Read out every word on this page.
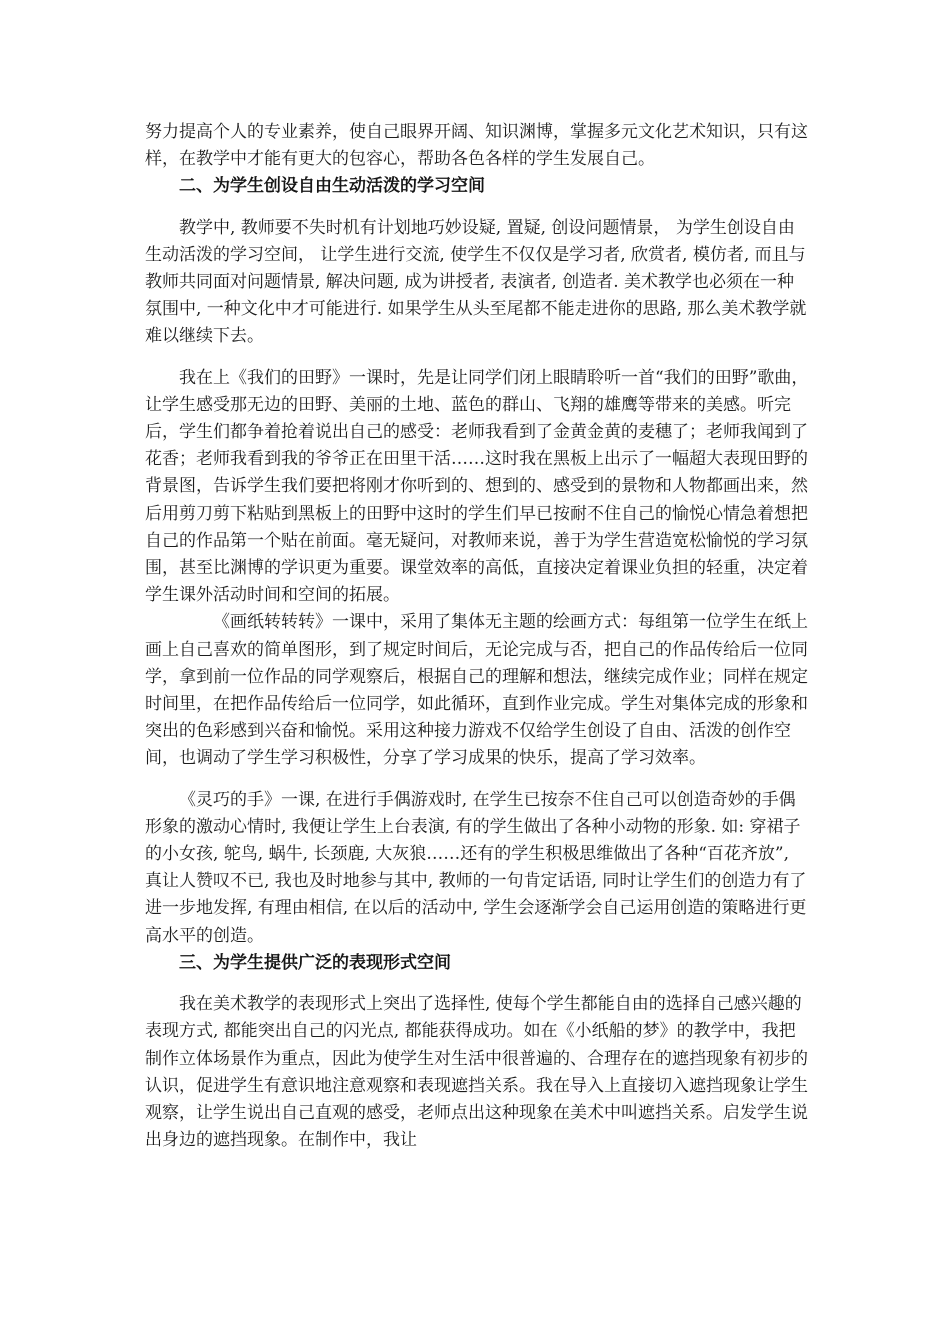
努力提高个人的专业素养，使自己眼界开阔、知识渊博，掌握多元文化艺术知识，只有这样，在教学中才能有更大的包容心，帮助各色各样的学生发展自己。

二、为学生创设自由生动活泼的学习空间

教学中, 教师要不失时机有计划地巧妙设疑, 置疑, 创设问题情景， 为学生创设自由生动活泼的学习空间， 让学生进行交流, 使学生不仅仅是学习者, 欣赏者, 模仿者, 而且与教师共同面对问题情景, 解决问题, 成为讲授者, 表演者, 创造者. 美术教学也必须在一种氛围中, 一种文化中才可能进行. 如果学生从头至尾都不能走进你的思路, 那么美术教学就难以继续下去。

我在上《我们的田野》一课时，先是让同学们闭上眼睛聆听一首“我们的田野”歌曲，让学生感受那无边的田野、美丽的土地、蓝色的群山、飞翔的雄鹰等带来的美感。听完后，学生们都争着抢着说出自己的感受：老师我看到了金黄金黄的麦穗了；老师我闻到了花香；老师我看到我的爷爷正在田里干活……这时我在黑板上出示了一幅超大表现田野的背景图，告诉学生我们要把将刚才你听到的、想到的、感受到的景物和人物都画出来，然后用剪刀剪下粘贴到黑板上的田野中这时的学生们早已按耐不住自己的愉悦心情急着想把自己的作品第一个贴在前面。毫无疑问，对教师来说，善于为学生营造宽松愉悦的学习氛围，甚至比渊博的学识更为重要。课堂效率的高低，直接决定着课业负担的轻重，决定着学生课外活动时间和空间的拓展。

《画纸转转转》一课中，采用了集体无主题的绘画方式：每组第一位学生在纸上画上自己喜欢的简单图形，到了规定时间后，无论完成与否，把自己的作品传给后一位同学，拿到前一位作品的同学观察后，根据自己的理解和想法，继续完成作业；同样在规定时间里，在把作品传给后一位同学，如此循环，直到作业完成。学生对集体完成的形象和突出的色彩感到兴奋和愉悦。采用这种接力游戏不仅给学生创设了自由、活泼的创作空间，也调动了学生学习积极性，分享了学习成果的快乐，提高了学习效率。

《灵巧的手》一课, 在进行手偶游戏时, 在学生已按奈不住自己可以创造奇妙的手偶形象的激动心情时, 我便让学生上台表演, 有的学生做出了各种小动物的形象. 如: 穿裙子的小女孩, 鸵鸟, 蜗牛, 长颈鹿, 大灰狼……还有的学生积极思维做出了各种“百花齐放”, 真让人赞叹不已, 我也及时地参与其中, 教师的一句肯定话语, 同时让学生们的创造力有了进一步地发挥, 有理由相信, 在以后的活动中, 学生会逐渐学会自己运用创造的策略进行更高水平的创造。

三、为学生提供广泛的表现形式空间

我在美术教学的表现形式上突出了选择性, 使每个学生都能自由的选择自己感兴趣的表现方式, 都能突出自己的闪光点, 都能获得成功。如在《小纸船的梦》的教学中，我把制作立体场景作为重点，因此为使学生对生活中很普遍的、合理存在的遮挡现象有初步的认识，促进学生有意识地注意观察和表现遮挡关系。我在导入上直接切入遮挡现象让学生观察，让学生说出自己直观的感受，老师点出这种现象在美术中叫遮挡关系。启发学生说出身边的遮挡现象。在制作中，我让
